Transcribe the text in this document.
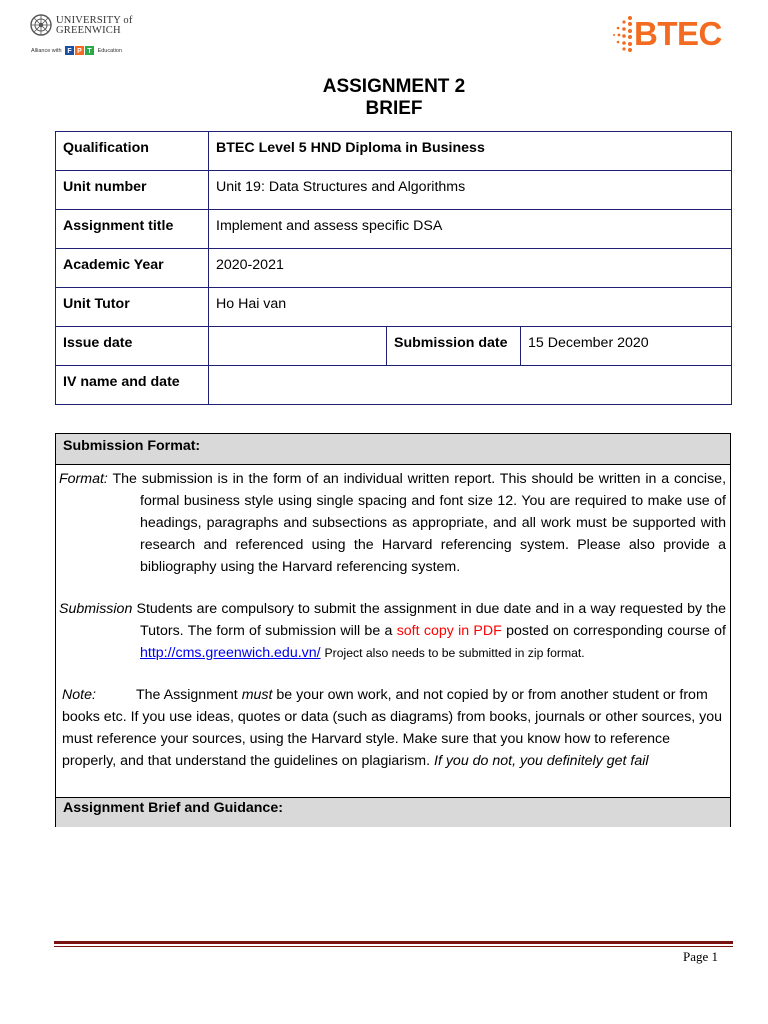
UNIVERSITY of
GREENWICH
Alliance with F P T Education	BTEC
ASSIGNMENT 2
BRIEF
Qualification	BTEC Level 5 HND Diploma in Business		
Unit number	Unit 19: Data Structures and Algorithms		
Assignment title	Implement and assess specific DSA		
Academic Year	2020-2021		
Unit Tutor	Ho Hai van		
Issue date		Submission date	15 December 2020
IV name and date			
Submission Format:
Format: The submission is in the form of an individual written report. This should be written in a concise, formal business style using single spacing and font size 12. You are required to make use of headings, paragraphs and subsections as appropriate, and all work must be supported with research and referenced using the Harvard referencing system. Please also provide a bibliography using the Harvard referencing system.
Submission Students are compulsory to submit the assignment in due date and in a way requested by the Tutors. The form of submission will be a soft copy in PDF posted on corresponding course of http://cms.greenwich.edu.vn/ Project also needs to be submitted in zip format.
Note:	The Assignment must be your own work, and not copied by or from another student or from books etc. If you use ideas, quotes or data (such as diagrams) from books, journals or other sources, you must reference your sources, using the Harvard style. Make sure that you know how to reference properly, and that understand the guidelines on plagiarism. If you do not, you definitely get fail
Assignment Brief and Guidance:
Page 1
